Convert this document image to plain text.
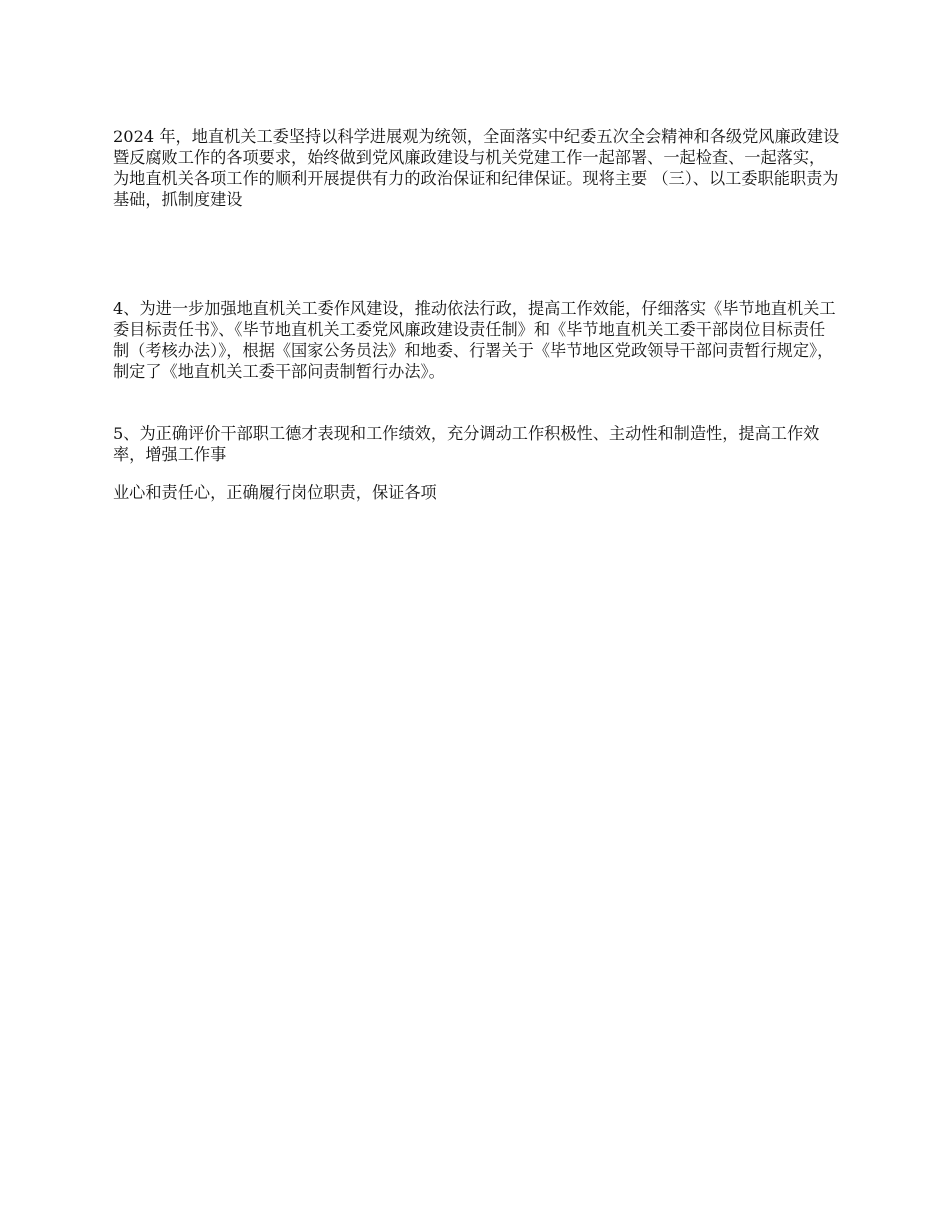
2024 年，地直机关工委坚持以科学进展观为统领，全面落实中纪委五次全会精神和各级党风廉政建设暨反腐败工作的各项要求，始终做到党风廉政建设与机关党建工作一起部署、一起检查、一起落实，为地直机关各项工作的顺利开展提供有力的政治保证和纪律保证。现将主要 （三）、以工委职能职责为基础，抓制度建设

4、为进一步加强地直机关工委作风建设，推动依法行政，提高工作效能，仔细落实《毕节地直机关工委目标责任书》、《毕节地直机关工委党风廉政建设责任制》和《毕节地直机关工委干部岗位目标责任制（考核办法）》，根据《国家公务员法》和地委、行署关于《毕节地区党政领导干部问责暂行规定》，制定了《地直机关工委干部问责制暂行办法》。

5、为正确评价干部职工德才表现和工作绩效，充分调动工作积极性、主动性和制造性，提高工作效率，增强工作事

业心和责任心，正确履行岗位职责，保证各项
